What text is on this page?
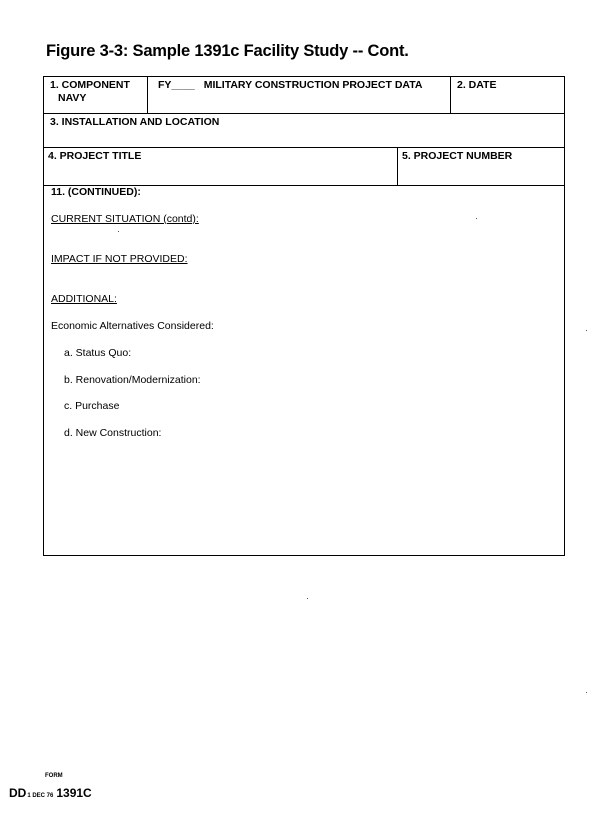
Figure 3-3: Sample 1391c Facility Study -- Cont.
1. COMPONENT
NAVY
FY____ MILITARY CONSTRUCTION PROJECT DATA	2. DATE
3. INSTALLATION AND LOCATION
4. PROJECT TITLE	5. PROJECT NUMBER
11. (CONTINUED):
CURRENT SITUATION (contd):
IMPACT IF NOT PROVIDED:
ADDITIONAL:
Economic Alternatives Considered:
a. Status Quo:
b. Renovation/Modernization:
c. Purchase
d. New Construction:
FORM
DD1 DEC 76 1391C
